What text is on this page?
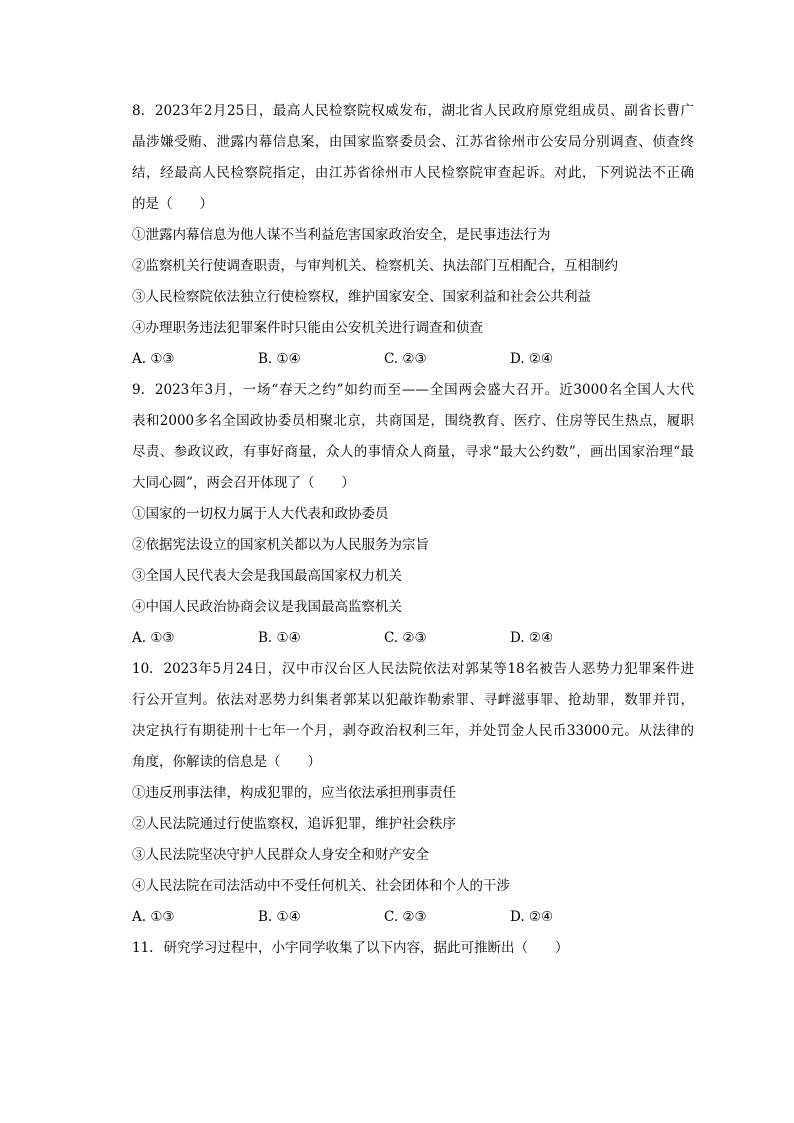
8. 2023年2月25日，最高人民检察院权威发布，湖北省人民政府原党组成员、副省长曹广
晶涉嫌受贿、泄露内幕信息案，由国家监察委员会、江苏省徐州市公安局分别调查、侦查终
结，经最高人民检察院指定，由江苏省徐州市人民检察院审查起诉。对此，下列说法不正确
的是（　　）
①泄露内幕信息为他人谋不当利益危害国家政治安全，是民事违法行为
②监察机关行使调查职责，与审判机关、检察机关、执法部门互相配合，互相制约
③人民检察院依法独立行使检察权，维护国家安全、国家利益和社会公共利益
④办理职务违法犯罪案件时只能由公安机关进行调查和侦查
A. ①③	B. ①④	C. ②③	D. ②④
9. 2023年3月，一场“春天之约”如约而至——全国两会盛大召开。近3000名全国人大代
表和2000多名全国政协委员相聚北京，共商国是，围绕教育、医疗、住房等民生热点，履职
尽责、参政议政，有事好商量，众人的事情众人商量，寻求“最大公约数”，画出国家治理“最
大同心圆”，两会召开体现了（　　）
①国家的一切权力属于人大代表和政协委员
②依据宪法设立的国家机关都以为人民服务为宗旨
③全国人民代表大会是我国最高国家权力机关
④中国人民政治协商会议是我国最高监察机关
A. ①③	B. ①④	C. ②③	D. ②④
10. 2023年5月24日，汉中市汉台区人民法院依法对郭某等18名被告人恶势力犯罪案件进
行公开宣判。依法对恶势力纠集者郭某以犯敲诈勒索罪、寻衅滋事罪、抢劫罪，数罪并罚，
决定执行有期徒刑十七年一个月，剥夺政治权利三年，并处罚金人民币33000元。从法律的
角度，你解读的信息是（　　）
①违反刑事法律，构成犯罪的，应当依法承担刑事责任
②人民法院通过行使监察权，追诉犯罪，维护社会秩序
③人民法院坚决守护人民群众人身安全和财产安全
④人民法院在司法活动中不受任何机关、社会团体和个人的干涉
A. ①③	B. ①④	C. ②③	D. ②④
11. 研究学习过程中，小宇同学收集了以下内容，据此可推断出（　　）
